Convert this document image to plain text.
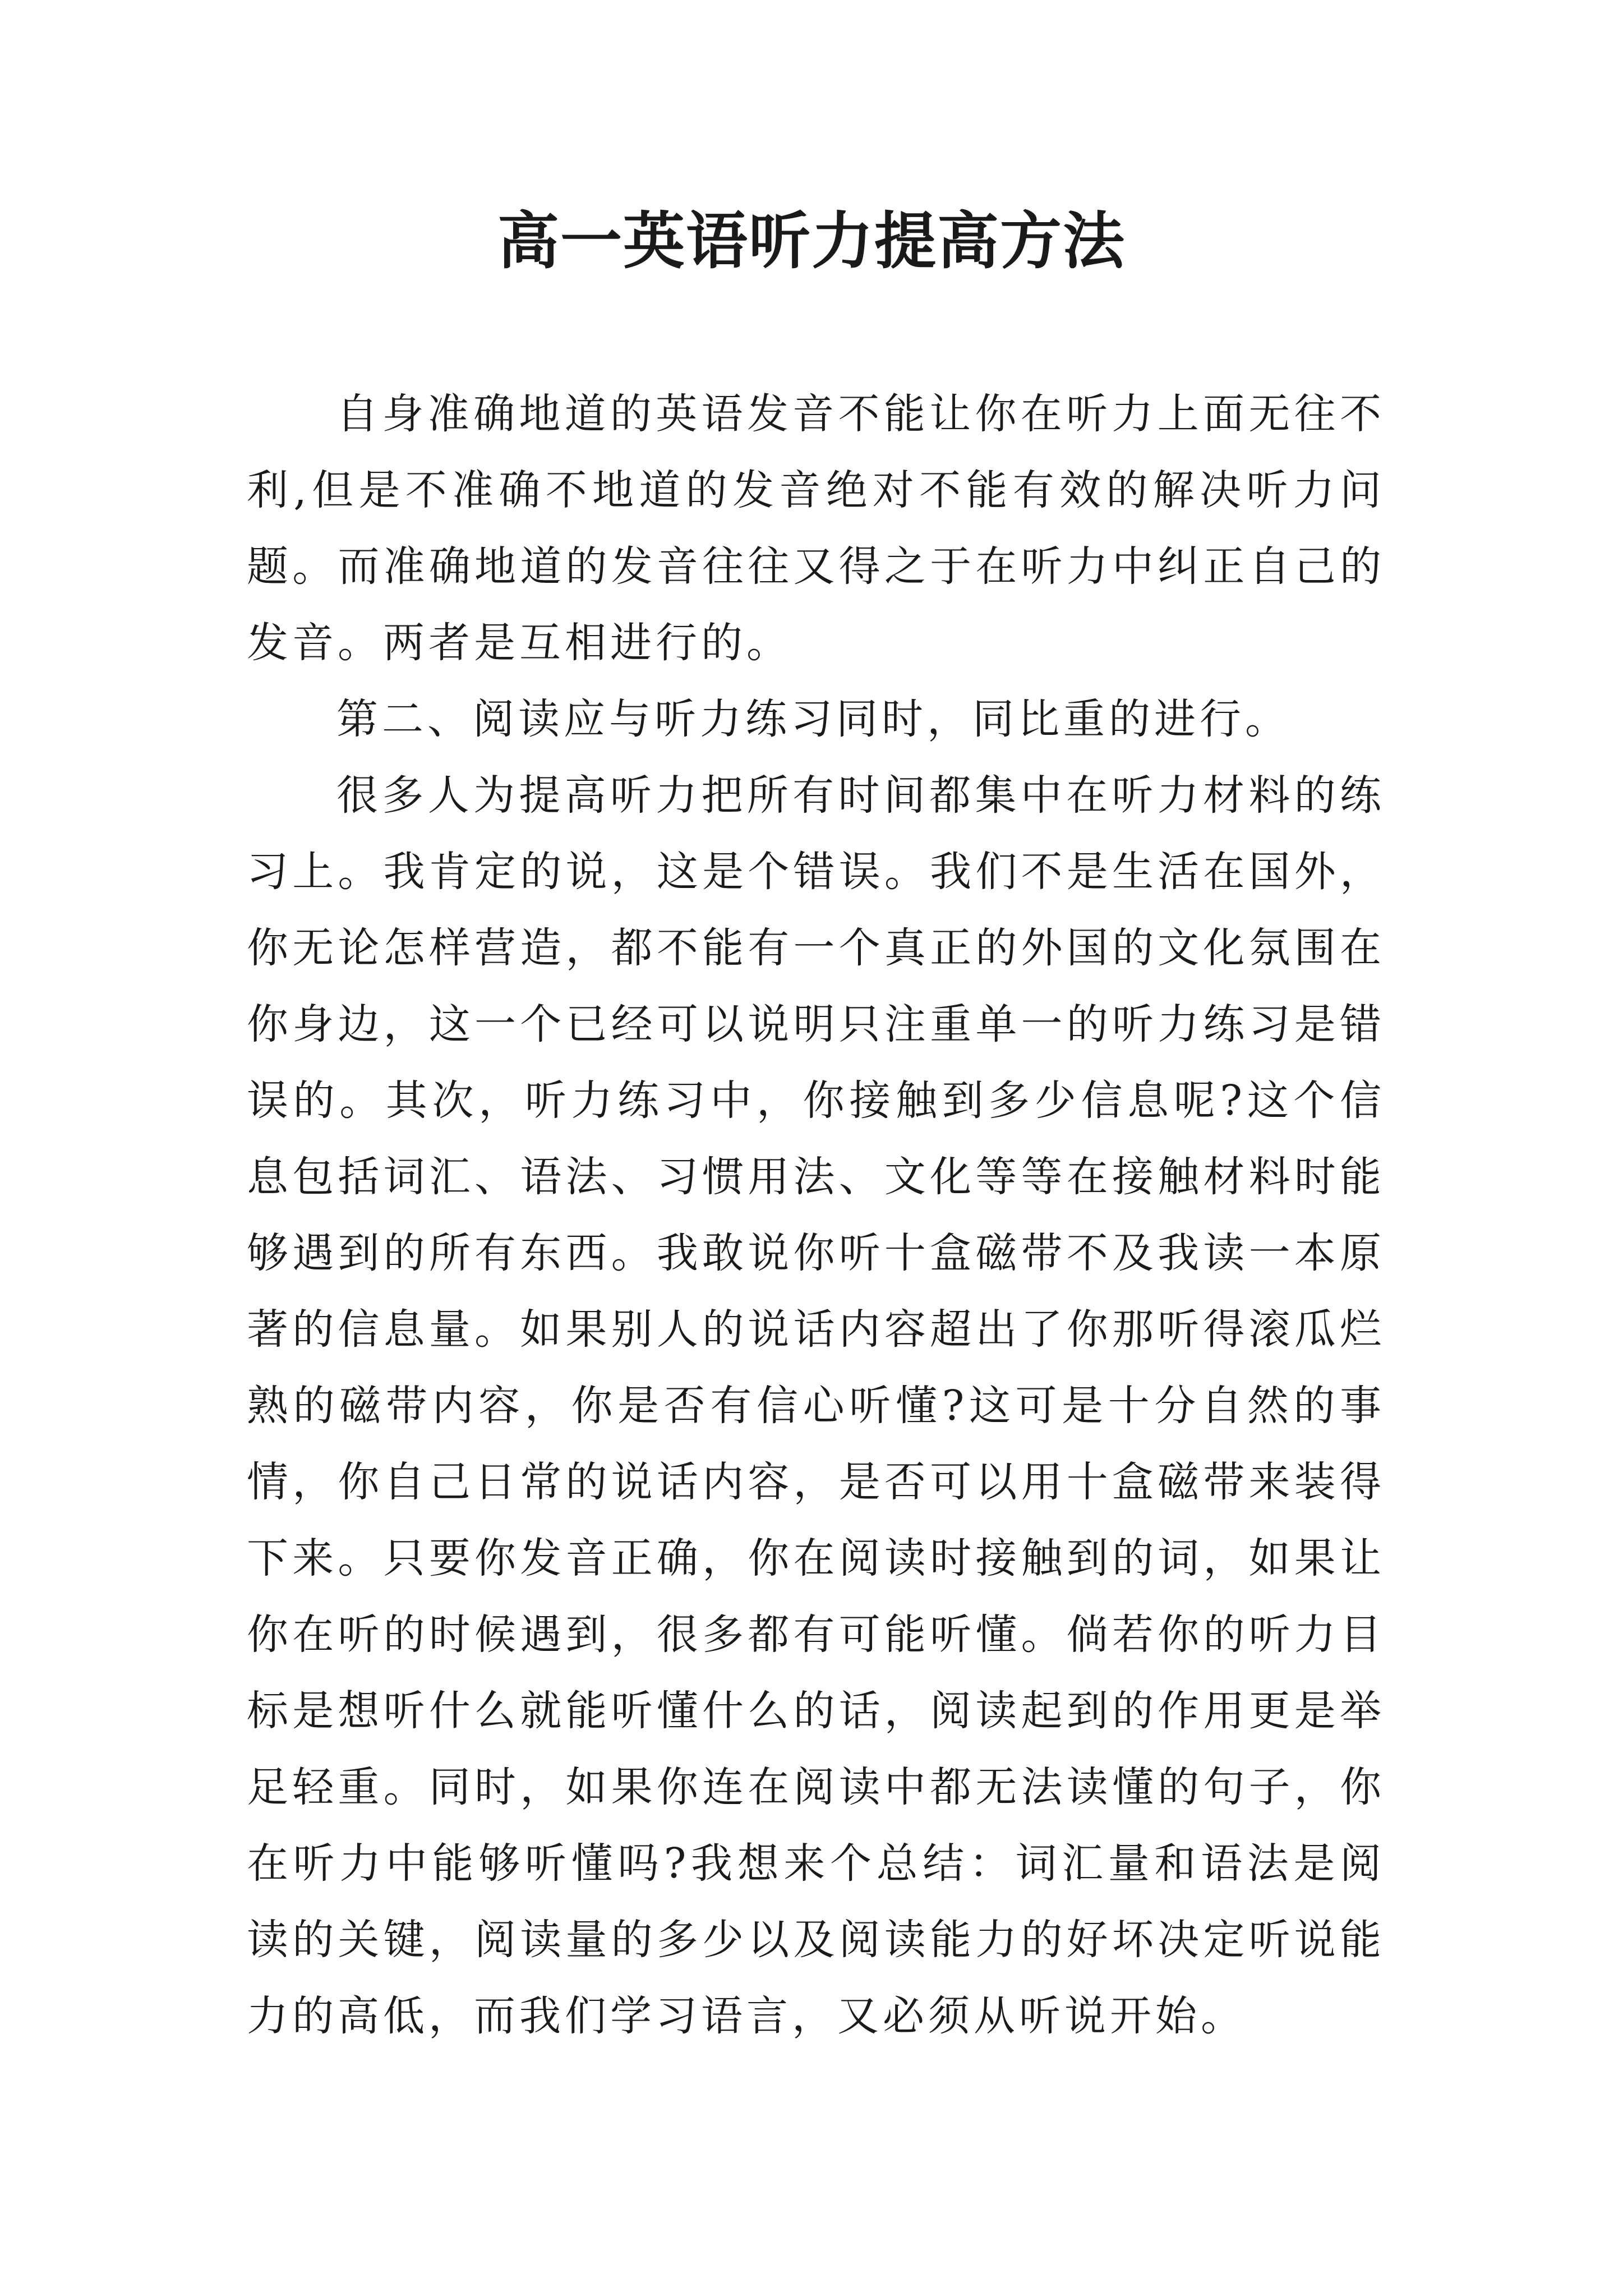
高一英语听力提高方法

自身准确地道的英语发音不能让你在听力上面无往不利,但是不准确不地道的发音绝对不能有效的解决听力问题。而准确地道的发音往往又得之于在听力中纠正自己的发音。两者是互相进行的。

第二、阅读应与听力练习同时，同比重的进行。

很多人为提高听力把所有时间都集中在听力材料的练习上。我肯定的说，这是个错误。我们不是生活在国外，你无论怎样营造，都不能有一个真正的外国的文化氛围在你身边，这一个已经可以说明只注重单一的听力练习是错误的。其次，听力练习中，你接触到多少信息呢?这个信息包括词汇、语法、习惯用法、文化等等在接触材料时能够遇到的所有东西。我敢说你听十盒磁带不及我读一本原著的信息量。如果别人的说话内容超出了你那听得滚瓜烂熟的磁带内容，你是否有信心听懂?这可是十分自然的事情，你自己日常的说话内容，是否可以用十盒磁带来装得下来。只要你发音正确，你在阅读时接触到的词，如果让你在听的时候遇到，很多都有可能听懂。倘若你的听力目标是想听什么就能听懂什么的话，阅读起到的作用更是举足轻重。同时，如果你连在阅读中都无法读懂的句子，你在听力中能够听懂吗?我想来个总结：词汇量和语法是阅读的关键，阅读量的多少以及阅读能力的好坏决定听说能力的高低，而我们学习语言，又必须从听说开始。
